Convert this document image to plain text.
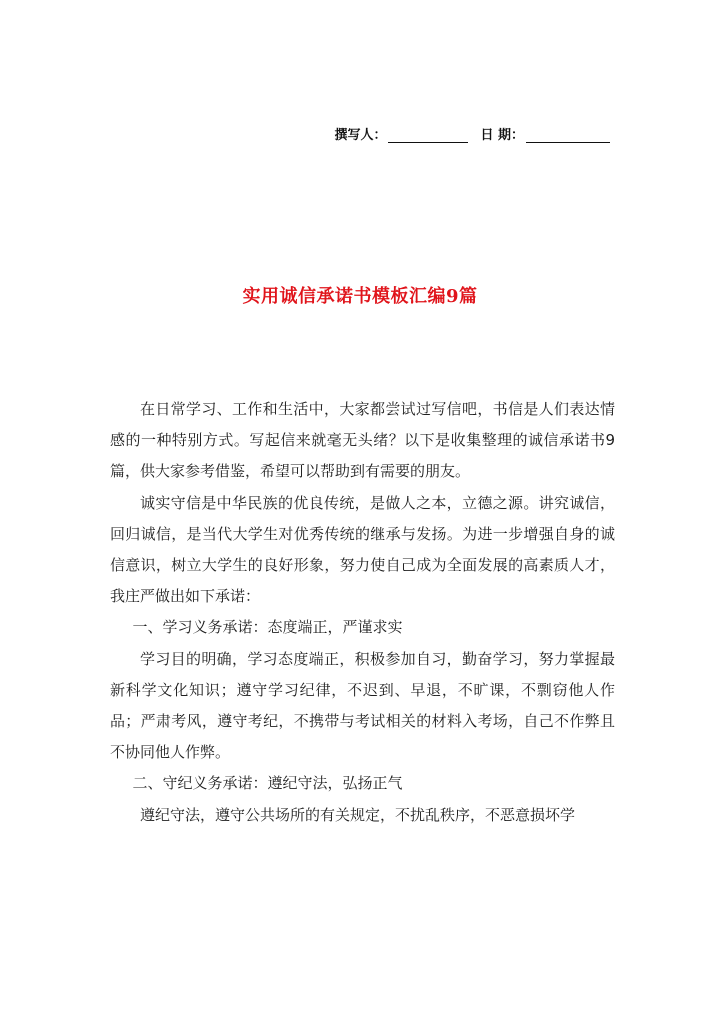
撰写人：	日 期：
实用诚信承诺书模板汇编9篇

在日常学习、工作和生活中，大家都尝试过写信吧，书信是人们表达情感的一种特别方式。写起信来就毫无头绪？以下是收集整理的诚信承诺书9篇，供大家参考借鉴，希望可以帮助到有需要的朋友。

诚实守信是中华民族的优良传统，是做人之本，立德之源。讲究诚信，回归诚信，是当代大学生对优秀传统的继承与发扬。为进一步增强自身的诚信意识，树立大学生的良好形象，努力使自己成为全面发展的高素质人才，我庄严做出如下承诺：

一、学习义务承诺：态度端正，严谨求实

学习目的明确，学习态度端正，积极参加自习，勤奋学习，努力掌握最新科学文化知识；遵守学习纪律，不迟到、早退，不旷课，不剽窃他人作品；严肃考风，遵守考纪，不携带与考试相关的材料入考场，自己不作弊且不协同他人作弊。

二、守纪义务承诺：遵纪守法，弘扬正气

遵纪守法，遵守公共场所的有关规定，不扰乱秩序，不恶意损坏学
